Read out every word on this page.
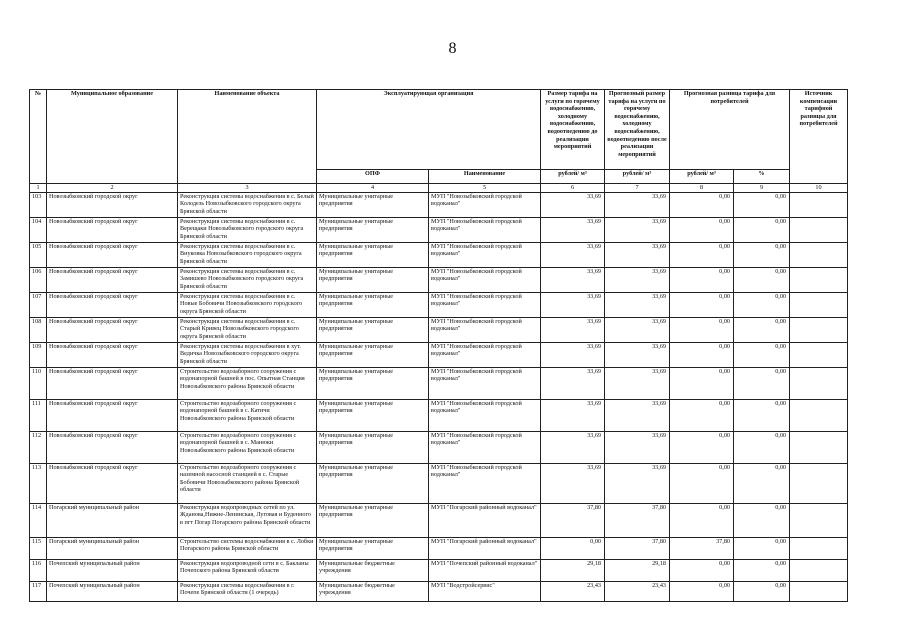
8
№	Муниципальное образование	Наименование объекта	Эксплуатирующая организация		Размер тарифа на услуги по горячему водоснабжению, холодному водоснабжению, водоотведению до реализации мероприятий	Прогнозный размер тарифа на услуги по горячему водоснабжению, холодному водоснабжению, водоотведению после реализации мероприятий	Прогнозная разница тарифа для потребителей		Источник компенсации тарифной разницы для потребителей
			ОПФ	Наименование	рублей/ м³	рублей/ м³	рублей/ м³	%	
1	2	3	4	5	6	7	8	9	10
103	Новозыбковский городской округ	Реконструкция системы водоснабжения в с. Белый Колодезь Новозыбковского городского округа Брянской области	Муниципальные унитарные предприятия	МУП "Новозыбковский городской водоканал"	33,69	33,69	0,00	0,00	
104	Новозыбковский городской округ	Реконструкция системы водоснабжения в с. Верещаки Новозыбковского городского округа Брянской области	Муниципальные унитарные предприятия	МУП "Новозыбковский городской водоканал"	33,69	33,69	0,00	0,00	
105	Новозыбковский городской округ	Реконструкция системы водоснабжения в с. Внуковка Новозыбковского городского округа Брянской области	Муниципальные унитарные предприятия	МУП "Новозыбковский городской водоканал"	33,69	33,69	0,00	0,00	
106	Новозыбковский городской округ	Реконструкция системы водоснабжения в с. Замишево Новозыбковского городского округа Брянской области	Муниципальные унитарные предприятия	МУП "Новозыбковский городской водоканал"	33,69	33,69	0,00	0,00	
107	Новозыбковский городской округ	Реконструкция системы водоснабжения в с. Новые Бобовичи Новозыбковского городского округа Брянской области	Муниципальные унитарные предприятия	МУП "Новозыбковский городской водоканал"	33,69	33,69	0,00	0,00	
108	Новозыбковский городской округ	Реконструкция системы водоснабжения в с. Старый Кривец Новозыбковского городского округа Брянской области	Муниципальные унитарные предприятия	МУП "Новозыбковский городской водоканал"	33,69	33,69	0,00	0,00	
109	Новозыбковский городской округ	Реконструкция системы водоснабжения в хут. Ведичка Новозыбковского городского округа Брянской области	Муниципальные унитарные предприятия	МУП "Новозыбковский городской водоканал"	33,69	33,69	0,00	0,00	
110	Новозыбковский городской округ	Строительство водозаборного сооружения с водонапорной башней в пос. Опытная Станция Новозыбковского района Брянской области	Муниципальные унитарные предприятия	МУП "Новозыбковский городской водоканал"	33,69	33,69	0,00	0,00	
111	Новозыбковский городской округ	Строительство водозаборного сооружения с водонапорной башней в с. Катичи Новозыбковского района Брянской области	Муниципальные унитарные предприятия	МУП "Новозыбковский городской водоканал"	33,69	33,69	0,00	0,00	
112	Новозыбковский городской округ	Строительство водозаборного сооружения с водонапорной башней в с. Манюки Новозыбковского района Брянской области	Муниципальные унитарные предприятия	МУП "Новозыбковский городской водоканал"	33,69	33,69	0,00	0,00	
113	Новозыбковский городской округ	Строительство водозаборного сооружения с наземной насосной станцией в с. Старые Бобовичи Новозыбковского района Брянской области	Муниципальные унитарные предприятия	МУП "Новозыбковский городской водоканал"	33,69	33,69	0,00	0,00	
114	Погарский муниципальный район	Реконструкция водопроводных сетей по ул. Жданова,Нижне-Ленинская, Луговая и Буденного в пгт Погар Погарского района Брянской области	Муниципальные унитарные предприятия	МУП "Погарский районный водоканал"	37,80	37,80	0,00	0,00	
115	Погарский муниципальный район	Строительство системы водоснабжения в с. Лобки Погарского района Брянской области	Муниципальные унитарные предприятия	МУП "Погарский районный водоканал"	0,00	37,80	37,80	0,00	
116	Почепский муниципальный район	Реконструкция водопроводной сети в с. Бакланы Почепского района Брянской области	Муниципальные бюджетные учреждения	МУП "Почепский районный водоканал"	29,18	29,18	0,00	0,00	
117	Почепский муниципальный район	Реконструкция системы водоснабжения в г. Почепе Брянской области (1 очередь)	Муниципальные бюджетные учреждения	МУП "Водстройсервис"	23,43	23,43	0,00	0,00	
